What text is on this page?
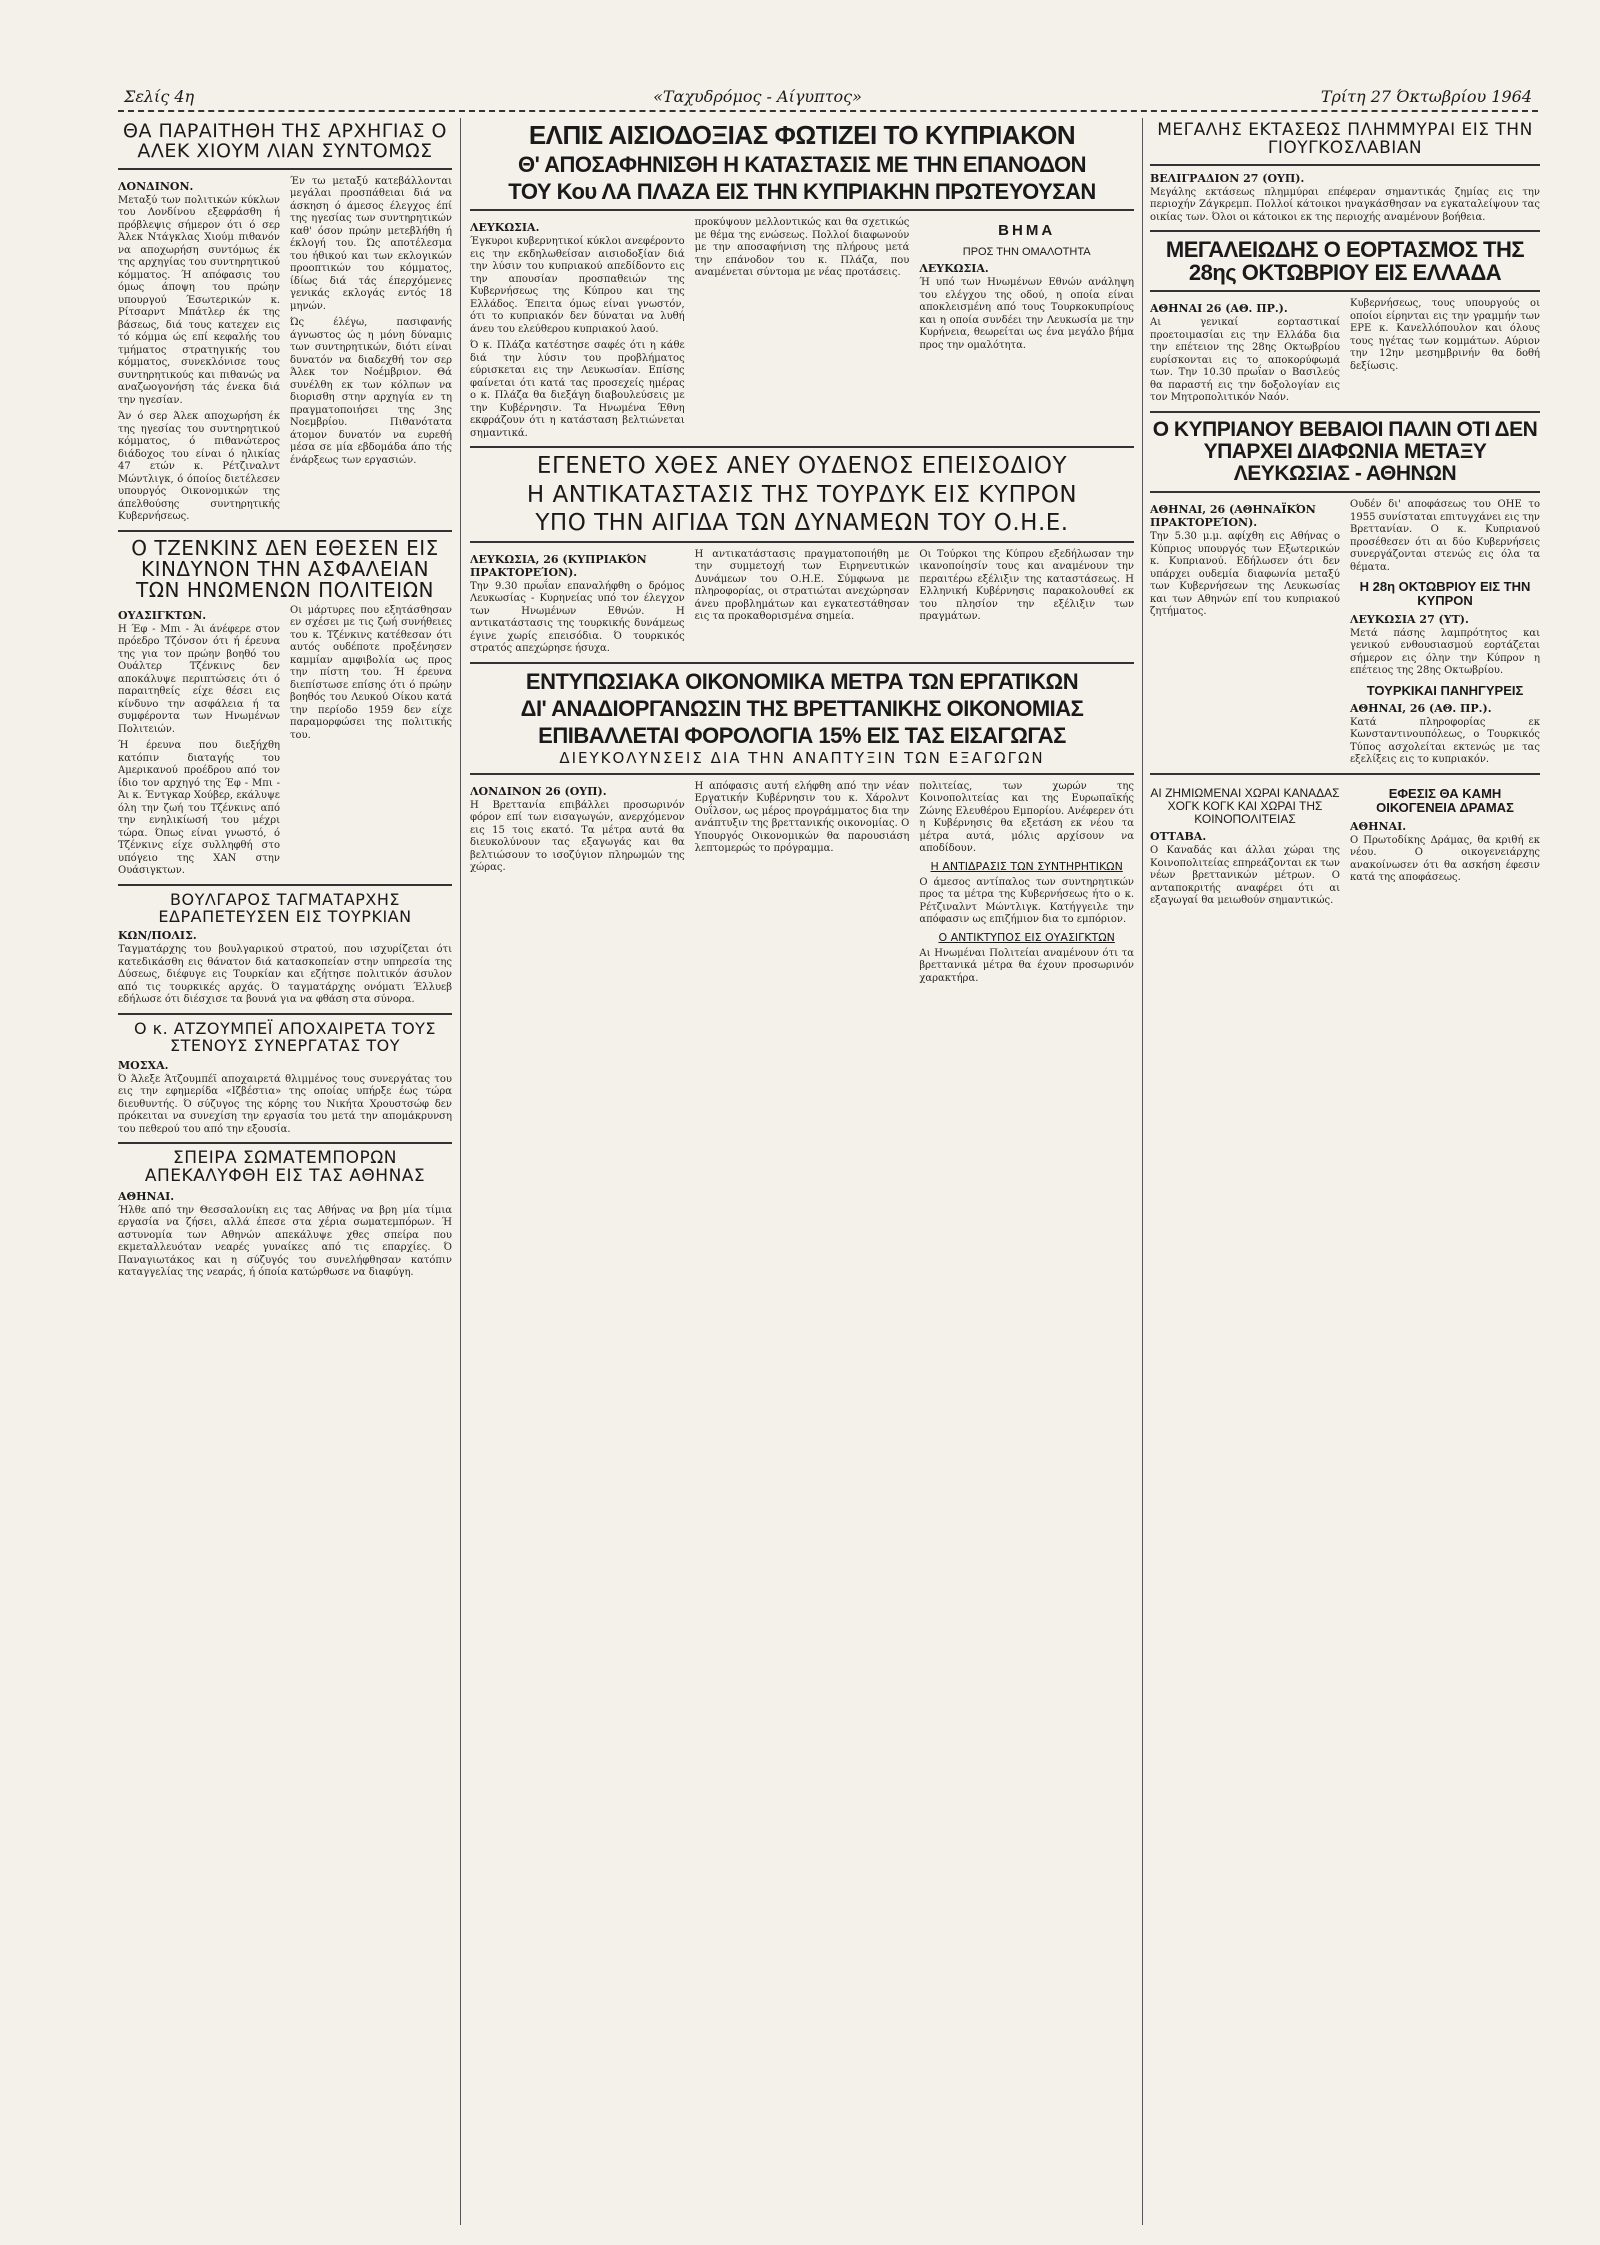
Σελίς 4η	«Ταχυδρόμος - Αίγυπτος»	Τρίτη 27 Όκτωβρίου 1964
ΘΑ ΠΑΡΑΙΤΗΘΗ ΤΗΣ ΑΡΧΗΓΙΑΣ Ο ΑΛΕΚ ΧΙΟΥΜ ΛΙΑΝ ΣΥΝΤΟΜΩΣ
ΛΟΝΔΙΝΟΝ.
Μεταξύ των πολιτικών κύκλων του Λονδίνου εξεφράσθη ή πρόβλεψις σήμερον ότι ό σερ Άλεκ Ντάγκλας Χιούμ πιθανόν να αποχωρήση συντόμως έκ της αρχηγίας του συντηρητικού κόμματος. Ή απόφασις του όμως άποψη του πρώην υπουργού Έσωτερικών κ. Ρίτσαρντ Μπάτλερ έκ της βάσεως, διά τους κατεχεν εις τό κόμμα ώς επί κεφαλής του τμήματος στρατηγικής του κόμματος, συνεκλόνισε τους συντηρητικούς και πιθανώς να αναζωογονήση τάς ένεκα διά την ηγεσίαν.
Άν ό σερ Άλεκ αποχωρήση έκ της ηγεσίας του συντηρητικού κόμματος, ό πιθανώτερος διάδοχος του είναι ό ηλικίας 47 ετών κ. Ρέτζιναλντ Μώντλιγκ, ό όποίος διετέλεσεν υπουργός Οικονομικών της άπελθούσης συντηρητικής Κυβερνήσεως.
Έν τω μεταξύ κατεβάλλονται μεγάλαι προσπάθειαι διά να άσκηση ό άμεσος έλεγχος έπί της ηγεσίας των συντηρητικών καθ' όσον πρώην μετεβλήθη ή έκλογή του. Ώς αποτέλεσμα του ήθικού και των εκλογικών προοπτικών του κόμματος, ίδίως διά τάς έπερχόμενες γενικάς εκλογάς εντός 18 μηνών.
Ώς έλέγω, πασιφανής άγνωστος ώς η μόνη δύναμις των συντηρητικών, διότι είναι δυνατόν να διαδεχθή τον σερ Άλεκ τον Νοέμβριον. Θά συνέλθη εκ των κόλπων να διορισθη στην αρχηγία εν τη πραγματοποιήσει της 3ης Νοεμβρίου. Πιθανότατα άτομον δυνατόν να ευρεθή μέσα σε μία εβδομάδα άπο τής ένάρξεως των εργασιών.
Ο ΤΖΕΝΚΙΝΣ ΔΕΝ ΕΘΕΣΕΝ ΕΙΣ ΚΙΝΔΥΝΟΝ ΤΗΝ ΑΣΦΑΛΕΙΑΝ ΤΩΝ ΗΝΩΜΕΝΩΝ ΠΟΛΙΤΕΙΩΝ
ΟΥΑΣΙΓΚΤΩΝ.
Η Έφ - Μπι - Άι άνέφερε στον πρόεδρο Τζόνσον ότι ή έρευνα της για τον πρώην βοηθό του Ουάλτερ Τζένκινς δεν αποκάλυψε περιπτώσεις ότι ό παραιτηθείς είχε θέσει εις κίνδυνο την ασφάλεια ή τα συμφέροντα των Ηνωμένων Πολιτειών.
Ή έρευνα που διεξήχθη κατόπιν διαταγής του Αμερικανού προέδρου από τον ίδιο τον αρχηγό της Έφ - Μπι - Άι κ. Έντγκαρ Χούβερ, εκάλυψε όλη την ζωή του Τζένκινς από την ενηλικίωσή του μέχρι τώρα. Όπως είναι γνωστό, ό Τζένκινς είχε συλληφθή στο υπόγειο της ΧΑΝ στην Ουάσιγκτων.
Οι μάρτυρες που εξητάσθησαν εν σχέσει με τις ζωή συνήθειες του κ. Τζένκινς κατέθεσαν ότι αυτός ουδέποτε προξένησεν καμμίαν αμφιβολία ως προς την πίστη του. Ή έρευνα διεπίστωσε επίσης ότι ό πρώην βοηθός του Λευκού Οίκου κατά την περίοδο 1959 δεν είχε παραμορφώσει της πολιτικής του.
ΒΟΥΛΓΑΡΟΣ ΤΑΓΜΑΤΑΡΧΗΣ ΕΔΡΑΠΕΤΕΥΣΕΝ ΕΙΣ ΤΟΥΡΚΙΑΝ
ΚΩΝ/ΠΟΛΙΣ.
Ταγματάρχης του βουλγαρικού στρατού, που ισχυρίζεται ότι κατεδικάσθη εις θάνατον διά κατασκοπείαν στην υπηρεσία της Δύσεως, διέφυγε εις Τουρκίαν και εζήτησε πολιτικόν άσυλον από τις τουρκικές αρχάς. Ό ταγματάρχης ονόματι Έλλυεβ εδήλωσε ότι διέσχισε τα βουνά για να φθάση στα σύνορα.
Ο κ. ΑΤΖΟΥΜΠΕΪ ΑΠΟΧΑΙΡΕΤΑ ΤΟΥΣ ΣΤΕΝΟΥΣ ΣΥΝΕΡΓΑΤΑΣ ΤΟΥ
ΜΟΣΧΑ.
Ό Άλεξε Άτζουμπέϊ αποχαιρετά θλιμμένος τους συνεργάτας του εις την εφημερίδα «Ιζβέστια» της οποίας υπήρξε έως τώρα διευθυντής. Ό σύζυγος της κόρης του Νικήτα Χρουστσώφ δεν πρόκειται να συνεχίση την εργασία του μετά την απομάκρυνση του πεθερού του από την εξουσία.
ΣΠΕΙΡΑ ΣΩΜΑΤΕΜΠΟΡΩΝ ΑΠΕΚΑΛΥΦΘΗ ΕΙΣ ΤΑΣ ΑΘΗΝΑΣ
ΑΘΗΝΑΙ.
Ήλθε από την Θεσσαλονίκη εις τας Αθήνας να βρη μία τίμια εργασία να ζήσει, αλλά έπεσε στα χέρια σωματεμπόρων. Ή αστυνομία των Αθηνών απεκάλυψε χθες σπείρα που εκμεταλλευόταν νεαρές γυναίκες από τις επαρχίες. Ό Παναγιωτάκος και η σύζυγός του συνελήφθησαν κατόπιν καταγγελίας της νεαράς, ή όποία κατώρθωσε να διαφύγη.
ΕΛΠΙΣ ΑΙΣΙΟΔΟΞΙΑΣ ΦΩΤΙΖΕΙ ΤΟ ΚΥΠΡΙΑΚΟΝ
Θ' ΑΠΟΣΑΦΗΝΙΣΘΗ Η ΚΑΤΑΣΤΑΣΙΣ ΜΕ ΤΗΝ ΕΠΑΝΟΔΟΝ
ΤΟΥ Κου ΛΑ ΠΛΑΖΑ ΕΙΣ ΤΗΝ ΚΥΠΡΙΑΚΗΝ ΠΡΩΤΕΥΟΥΣΑΝ
ΛΕΥΚΩΣΙΑ.
Έγκυροι κυβερνητικοί κύκλοι ανεφέροντο εις την εκδηλωθείσαν αισιοδοξίαν διά την λύσιν του κυπριακού απεδίδοντο εις την απουσίαν προσπαθειών της Κυβερνήσεως της Κύπρου και της Ελλάδος. Έπειτα όμως είναι γνωστόν, ότι το κυπριακόν δεν δύναται να λυθή άνευ του ελεύθερου κυπριακού λαού.
Ό κ. Πλάζα κατέστησε σαφές ότι η κάθε διά την λύσιν του προβλήματος εύρισκεται εις την Λευκωσίαν. Επίσης φαίνεται ότι κατά τας προσεχείς ημέρας ο κ. Πλάζα θα διεξάγη διαβουλεύσεις με την Κυβέρνησιν. Τα Ηνωμένα Έθνη εκφράζουν ότι η κατάσταση βελτιώνεται σημαντικά.
προκύψουν μελλοντικώς και θα σχετικώς με θέμα της ενώσεως. Πολλοί διαφωνούν με την αποσαφήνιση της πλήρους μετά την επάνοδον του κ. Πλάζα, που αναμένεται σύντομα με νέας προτάσεις.
ΒΗΜΑ
ΠΡΟΣ ΤΗΝ ΟΜΑΛΟΤΗΤΑ
ΛΕΥΚΩΣΙΑ.
Ή υπό των Ηνωμένων Εθνών ανάληψη του ελέγχου της οδού, η οποία είναι αποκλεισμένη από τους Τουρκοκυπρίους και η οποία συνδέει την Λευκωσία με την Κυρήνεια, θεωρείται ως ένα μεγάλο βήμα προς την ομαλότητα.
ΕΓΕΝΕΤΟ ΧΘΕΣ ΑΝΕΥ ΟΥΔΕΝΟΣ ΕΠΕΙΣΟΔΙΟΥ
Η ΑΝΤΙΚΑΤΑΣΤΑΣΙΣ ΤΗΣ ΤΟΥΡΔΥΚ ΕΙΣ ΚΥΠΡΟΝ
ΥΠΟ ΤΗΝ ΑΙΓΙΔΑ ΤΩΝ ΔΥΝΑΜΕΩΝ ΤΟΥ Ο.Η.Ε.
ΛΕΥΚΩΣΙΑ, 26 (ΚΥΠΡΙΑΚΌΝ ΠΡΑΚΤΟΡΕΊΟΝ).
Την 9.30 πρωΐαν επαναλήφθη ο δρόμος Λευκωσίας - Κυρηνείας υπό τον έλεγχον των Ηνωμένων Εθνών. Η αντικατάστασις της τουρκικής δυνάμεως έγινε χωρίς επεισόδια. Ό τουρκικός στρατός απεχώρησε ήσυχα.
Η αντικατάστασις πραγματοποιήθη με την συμμετοχή των Ειρηνευτικών Δυνάμεων του Ο.Η.Ε. Σύμφωνα με πληροφορίας, οι στρατιώται ανεχώρησαν άνευ προβλημάτων και εγκατεστάθησαν εις τα προκαθορισμένα σημεία.
Οι Τούρκοι της Κύπρου εξεδήλωσαν την ικανοποίησίν τους και αναμένουν την περαιτέρω εξέλιξιν της καταστάσεως. Η Ελληνική Κυβέρνησις παρακολουθεί εκ του πλησίον την εξέλιξιν των πραγμάτων.
ΕΝΤΥΠΩΣΙΑΚΑ ΟΙΚΟΝΟΜΙΚΑ ΜΕΤΡΑ ΤΩΝ ΕΡΓΑΤΙΚΩΝ
ΔΙ' ΑΝΑΔΙΟΡΓΑΝΩΣΙΝ ΤΗΣ ΒΡΕΤΤΑΝΙΚΗΣ ΟΙΚΟΝΟΜΙΑΣ
ΕΠΙΒΑΛΛΕΤΑΙ ΦΟΡΟΛΟΓΙΑ 15% ΕΙΣ ΤΑΣ ΕΙΣΑΓΩΓΑΣ
ΔΙΕΥΚΟΛΥΝΣΕΙΣ ΔΙΑ ΤΗΝ ΑΝΑΠΤΥΞΙΝ ΤΩΝ ΕΞΑΓΩΓΩΝ
ΛΟΝΔΙΝΟΝ 26 (ΟΥΠ).
Η Βρεττανία επιβάλλει προσωρινόν φόρον επί των εισαγωγών, ανερχόμενον εις 15 τοις εκατό. Τα μέτρα αυτά θα διευκολύνουν τας εξαγωγάς και θα βελτιώσουν το ισοζύγιον πληρωμών της χώρας.
Η απόφασις αυτή ελήφθη από την νέαν Εργατικήν Κυβέρνησιν του κ. Χάρολντ Ουΐλσον, ως μέρος προγράμματος δια την ανάπτυξιν της βρεττανικής οικονομίας. Ο Υπουργός Οικονομικών θα παρουσιάση λεπτομερώς το πρόγραμμα.
πολιτείας, των χωρών της Κοινοπολιτείας και της Ευρωπαϊκής Ζώνης Ελευθέρου Εμπορίου. Ανέφερεν ότι η Κυβέρνησις θα εξετάση εκ νέου τα μέτρα αυτά, μόλις αρχίσουν να αποδίδουν.
Η ΑΝΤΙΔΡΑΣΙΣ ΤΩΝ ΣΥΝΤΗΡΗΤΙΚΩΝ
Ο άμεσος αντίπαλος των συντηρητικών προς τα μέτρα της Κυβερνήσεως ήτο ο κ. Ρέτζιναλντ Μώντλιγκ. Κατήγγειλε την απόφασιν ως επιζήμιον δια το εμπόριον.
Ο ΑΝΤΙΚΤΥΠΟΣ ΕΙΣ ΟΥΑΣΙΓΚΤΩΝ
Αι Ηνωμέναι Πολιτείαι αναμένουν ότι τα βρεττανικά μέτρα θα έχουν προσωρινόν χαρακτήρα.
ΜΕΓΑΛΗΣ ΕΚΤΑΣΕΩΣ ΠΛΗΜΜΥΡΑΙ ΕΙΣ ΤΗΝ ΓΙΟΥΓΚΟΣΛΑΒΙΑΝ
ΒΕΛΙΓΡΑΔΙΟΝ 27 (ΟΥΠ).
Μεγάλης εκτάσεως πλημμύραι επέφεραν σημαντικάς ζημίας εις την περιοχήν Ζάγκρεμπ. Πολλοί κάτοικοι ηναγκάσθησαν να εγκαταλείψουν τας οικίας των. Όλοι οι κάτοικοι εκ της περιοχής αναμένουν βοήθεια.
ΜΕΓΑΛΕΙΩΔΗΣ Ο ΕΟΡΤΑΣΜΟΣ ΤΗΣ 28ης ΟΚΤΩΒΡΙΟΥ ΕΙΣ ΕΛΛΑΔΑ
ΑΘΗΝΑΙ 26 (ΑΘ. ΠΡ.).
Αι γενικαί εορταστικαί προετοιμασίαι εις την Ελλάδα δια την επέτειον της 28ης Οκτωβρίου ευρίσκονται εις το αποκορύφωμά των. Την 10.30 πρωΐαν ο Βασιλεύς θα παραστή εις την δοξολογίαν εις τον Μητροπολιτικόν Ναόν.
Κυβερνήσεως, τους υπουργούς οι οποίοι είρηνται εις την γραμμήν των ΕΡΕ κ. Κανελλόπουλον και όλους τους ηγέτας των κομμάτων. Αύριον την 12ην μεσημβρινήν θα δοθή δεξίωσις.
Ο ΚΥΠΡΙΑΝΟΥ ΒΕΒΑΙΟΙ ΠΑΛΙΝ ΟΤΙ ΔΕΝ ΥΠΑΡΧΕΙ ΔΙΑΦΩΝΙΑ ΜΕΤΑΞΥ ΛΕΥΚΩΣΙΑΣ - ΑΘΗΝΩΝ
ΑΘΗΝΑΙ, 26 (ΑΘΗΝΑΪΚΌΝ ΠΡΑΚΤΟΡΕΊΟΝ).
Την 5.30 μ.μ. αφίχθη εις Αθήνας ο Κύπριος υπουργός των Εξωτερικών κ. Κυπριανού. Εδήλωσεν ότι δεν υπάρχει ουδεμία διαφωνία μεταξύ των Κυβερνήσεων της Λευκωσίας και των Αθηνών επί του κυπριακού ζητήματος.
Ουδέν δι' αποφάσεως του ΟΗΕ το 1955 συνίσταται επιτυγχάνει εις την Βρεττανίαν. Ο κ. Κυπριανού προσέθεσεν ότι αι δύο Κυβερνήσεις συνεργάζονται στενώς εις όλα τα θέματα.
Η 28η ΟΚΤΩΒΡΙΟΥ ΕΙΣ ΤΗΝ ΚΥΠΡΟΝ
ΛΕΥΚΩΣΙΑ 27 (ΥΤ).
Μετά πάσης λαμπρότητος και γενικού ενθουσιασμού εορτάζεται σήμερον εις όλην την Κύπρον η επέτειος της 28ης Οκτωβρίου.
ΤΟΥΡΚΙΚΑΙ ΠΑΝΗΓΥΡΕΙΣ
ΑΘΗΝΑΙ, 26 (ΑΘ. ΠΡ.).
Κατά πληροφορίας εκ Κωνσταντινουπόλεως, ο Τουρκικός Τύπος ασχολείται εκτενώς με τας εξελίξεις εις το κυπριακόν.
ΑΙ ΖΗΜΙΩΜΕΝΑΙ ΧΩΡΑΙ ΚΑΝΑΔΑΣ ΧΟΓΚ ΚΟΓΚ ΚΑΙ ΧΩΡΑΙ ΤΗΣ ΚΟΙΝΟΠΟΛΙΤΕΙΑΣ
ΟΤΤΑΒΑ.
Ο Καναδάς και άλλαι χώραι της Κοινοπολιτείας επηρεάζονται εκ των νέων βρεττανικών μέτρων. Ο ανταποκριτής αναφέρει ότι αι εξαγωγαί θα μειωθούν σημαντικώς.
ΕΦΕΣΙΣ ΘΑ ΚΑΜΗ ΟΙΚΟΓΕΝΕΙΑ ΔΡΑΜΑΣ
ΑΘΗΝΑΙ.
Ο Πρωτοδίκης Δράμας, θα κριθή εκ νέου. Ο οικογενειάρχης ανακοίνωσεν ότι θα ασκήση έφεσιν κατά της αποφάσεως.
